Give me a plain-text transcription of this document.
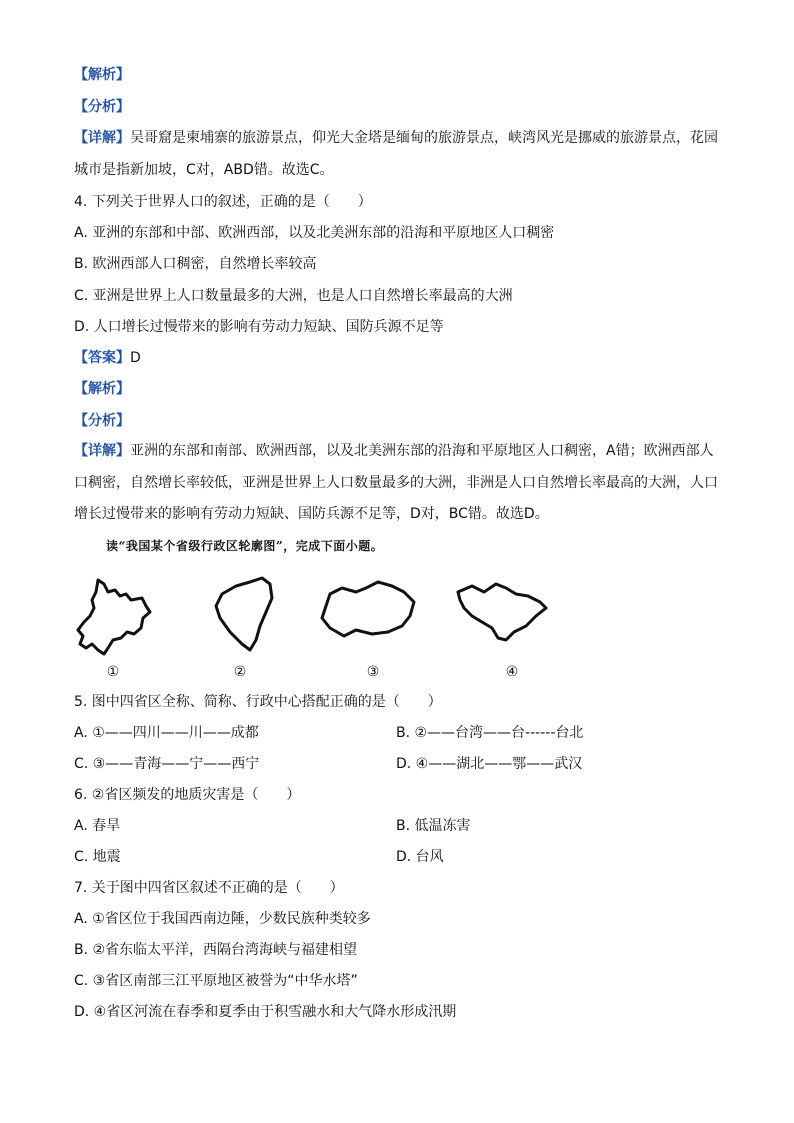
【解析】
【分析】
【详解】吴哥窟是柬埔寨的旅游景点，仰光大金塔是缅甸的旅游景点，峡湾风光是挪威的旅游景点，花园城市是指新加坡，C对，ABD错。故选C。
4. 下列关于世界人口的叙述，正确的是（　　）
A. 亚洲的东部和中部、欧洲西部，以及北美洲东部的沿海和平原地区人口稠密
B. 欧洲西部人口稠密，自然增长率较高
C. 亚洲是世界上人口数量最多的大洲，也是人口自然增长率最高的大洲
D. 人口增长过慢带来的影响有劳动力短缺、国防兵源不足等
【答案】D
【解析】
【分析】
【详解】亚洲的东部和南部、欧洲西部，以及北美洲东部的沿海和平原地区人口稠密，A错；欧洲西部人口稠密，自然增长率较低，亚洲是世界上人口数量最多的大洲，非洲是人口自然增长率最高的大洲，人口增长过慢带来的影响有劳动力短缺、国防兵源不足等，D对，BC错。故选D。
读“我国某个省级行政区轮廓图”，完成下面小题。
①	②	③	④
5. 图中四省区全称、简称、行政中心搭配正确的是（　　）
A. ①——四川——川——成都	B. ②——台湾——台------台北
C. ③——青海——宁——西宁	D. ④——湖北——鄂——武汉
6. ②省区频发的地质灾害是（　　）
A. 春旱	B. 低温冻害
C. 地震	D. 台风
7. 关于图中四省区叙述不正确的是（　　）
A. ①省区位于我国西南边陲，少数民族种类较多
B. ②省东临太平洋，西隔台湾海峡与福建相望
C. ③省区南部三江平原地区被誉为“中华水塔”
D. ④省区河流在春季和夏季由于积雪融水和大气降水形成汛期
